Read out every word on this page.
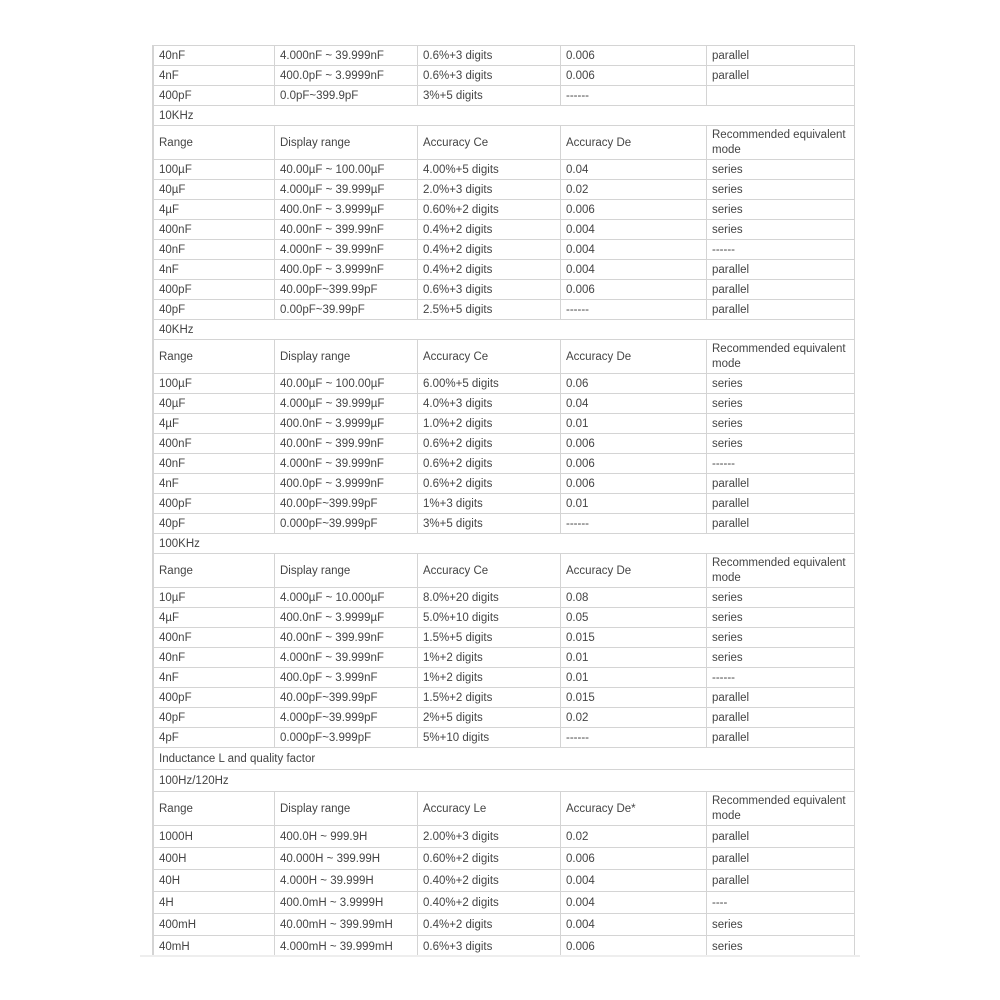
40nF	4.000nF ~ 39.999nF	0.6%+3 digits	0.006	parallel
4nF	400.0pF ~ 3.9999nF	0.6%+3 digits	0.006	parallel
400pF	0.0pF~399.9pF	3%+5 digits	------	
10KHz				
Range	Display range	Accuracy Ce	Accuracy De	Recommended equivalent mode
100µF	40.00µF ~ 100.00µF	4.00%+5 digits	0.04	series
40µF	4.000µF ~ 39.999µF	2.0%+3 digits	0.02	series
4µF	400.0nF ~ 3.9999µF	0.60%+2 digits	0.006	series
400nF	40.00nF ~ 399.99nF	0.4%+2 digits	0.004	series
40nF	4.000nF ~ 39.999nF	0.4%+2 digits	0.004	------
4nF	400.0pF ~ 3.9999nF	0.4%+2 digits	0.004	parallel
400pF	40.00pF~399.99pF	0.6%+3 digits	0.006	parallel
40pF	0.00pF~39.99pF	2.5%+5 digits	------	parallel
40KHz				
Range	Display range	Accuracy Ce	Accuracy De	Recommended equivalent mode
100µF	40.00µF ~ 100.00µF	6.00%+5 digits	0.06	series
40µF	4.000µF ~ 39.999µF	4.0%+3 digits	0.04	series
4µF	400.0nF ~ 3.9999µF	1.0%+2 digits	0.01	series
400nF	40.00nF ~ 399.99nF	0.6%+2 digits	0.006	series
40nF	4.000nF ~ 39.999nF	0.6%+2 digits	0.006	------
4nF	400.0pF ~ 3.9999nF	0.6%+2 digits	0.006	parallel
400pF	40.00pF~399.99pF	1%+3 digits	0.01	parallel
40pF	0.000pF~39.999pF	3%+5 digits	------	parallel
100KHz				
Range	Display range	Accuracy Ce	Accuracy De	Recommended equivalent mode
10µF	4.000µF ~ 10.000µF	8.0%+20 digits	0.08	series
4µF	400.0nF ~ 3.9999µF	5.0%+10 digits	0.05	series
400nF	40.00nF ~ 399.99nF	1.5%+5 digits	0.015	series
40nF	4.000nF ~ 39.999nF	1%+2 digits	0.01	series
4nF	400.0pF ~ 3.999nF	1%+2 digits	0.01	------
400pF	40.00pF~399.99pF	1.5%+2 digits	0.015	parallel
40pF	4.000pF~39.999pF	2%+5 digits	0.02	parallel
4pF	0.000pF~3.999pF	5%+10 digits	------	parallel
Inductance L and quality factor				
100Hz/120Hz				
Range	Display range	Accuracy Le	Accuracy De*	Recommended equivalent mode
1000H	400.0H ~ 999.9H	2.00%+3 digits	0.02	parallel
400H	40.000H ~ 399.99H	0.60%+2 digits	0.006	parallel
40H	4.000H ~ 39.999H	0.40%+2 digits	0.004	parallel
4H	400.0mH ~ 3.9999H	0.40%+2 digits	0.004	----
400mH	40.00mH ~ 399.99mH	0.4%+2 digits	0.004	series
40mH	4.000mH ~ 39.999mH	0.6%+3 digits	0.006	series
